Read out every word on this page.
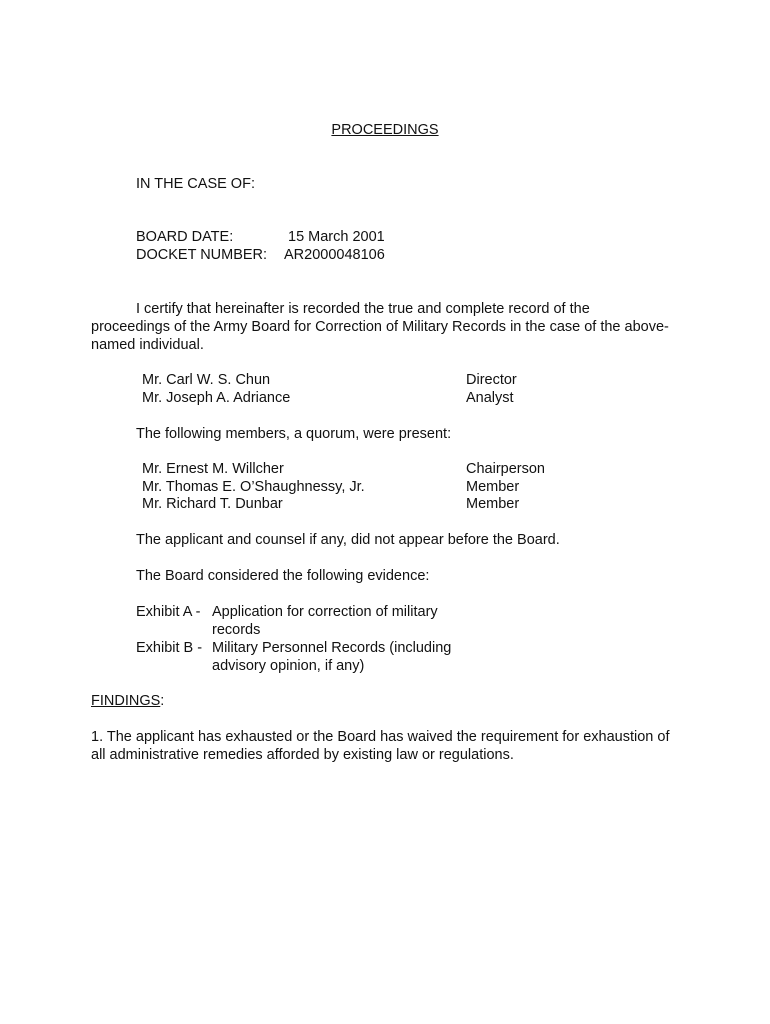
PROCEEDINGS
IN THE CASE OF:
BOARD DATE:	15 March 2001
DOCKET NUMBER: AR2000048106
I certify that hereinafter is recorded the true and complete record of the proceedings of the Army Board for Correction of Military Records in the case of the above-named individual.
Mr. Carl W. S. Chun	Director
Mr. Joseph A. Adriance	Analyst
The following members, a quorum, were present:
Mr. Ernest M. Willcher	Chairperson
Mr. Thomas E. O’Shaughnessy, Jr.	Member
Mr. Richard T. Dunbar	Member
The applicant and counsel if any, did not appear before the Board.
The Board considered the following evidence:
Exhibit A - Application for correction of military
records
Exhibit B - Military Personnel Records (including
advisory opinion, if any)
FINDINGS:
1. The applicant has exhausted or the Board has waived the requirement for exhaustion of all administrative remedies afforded by existing law or regulations.
